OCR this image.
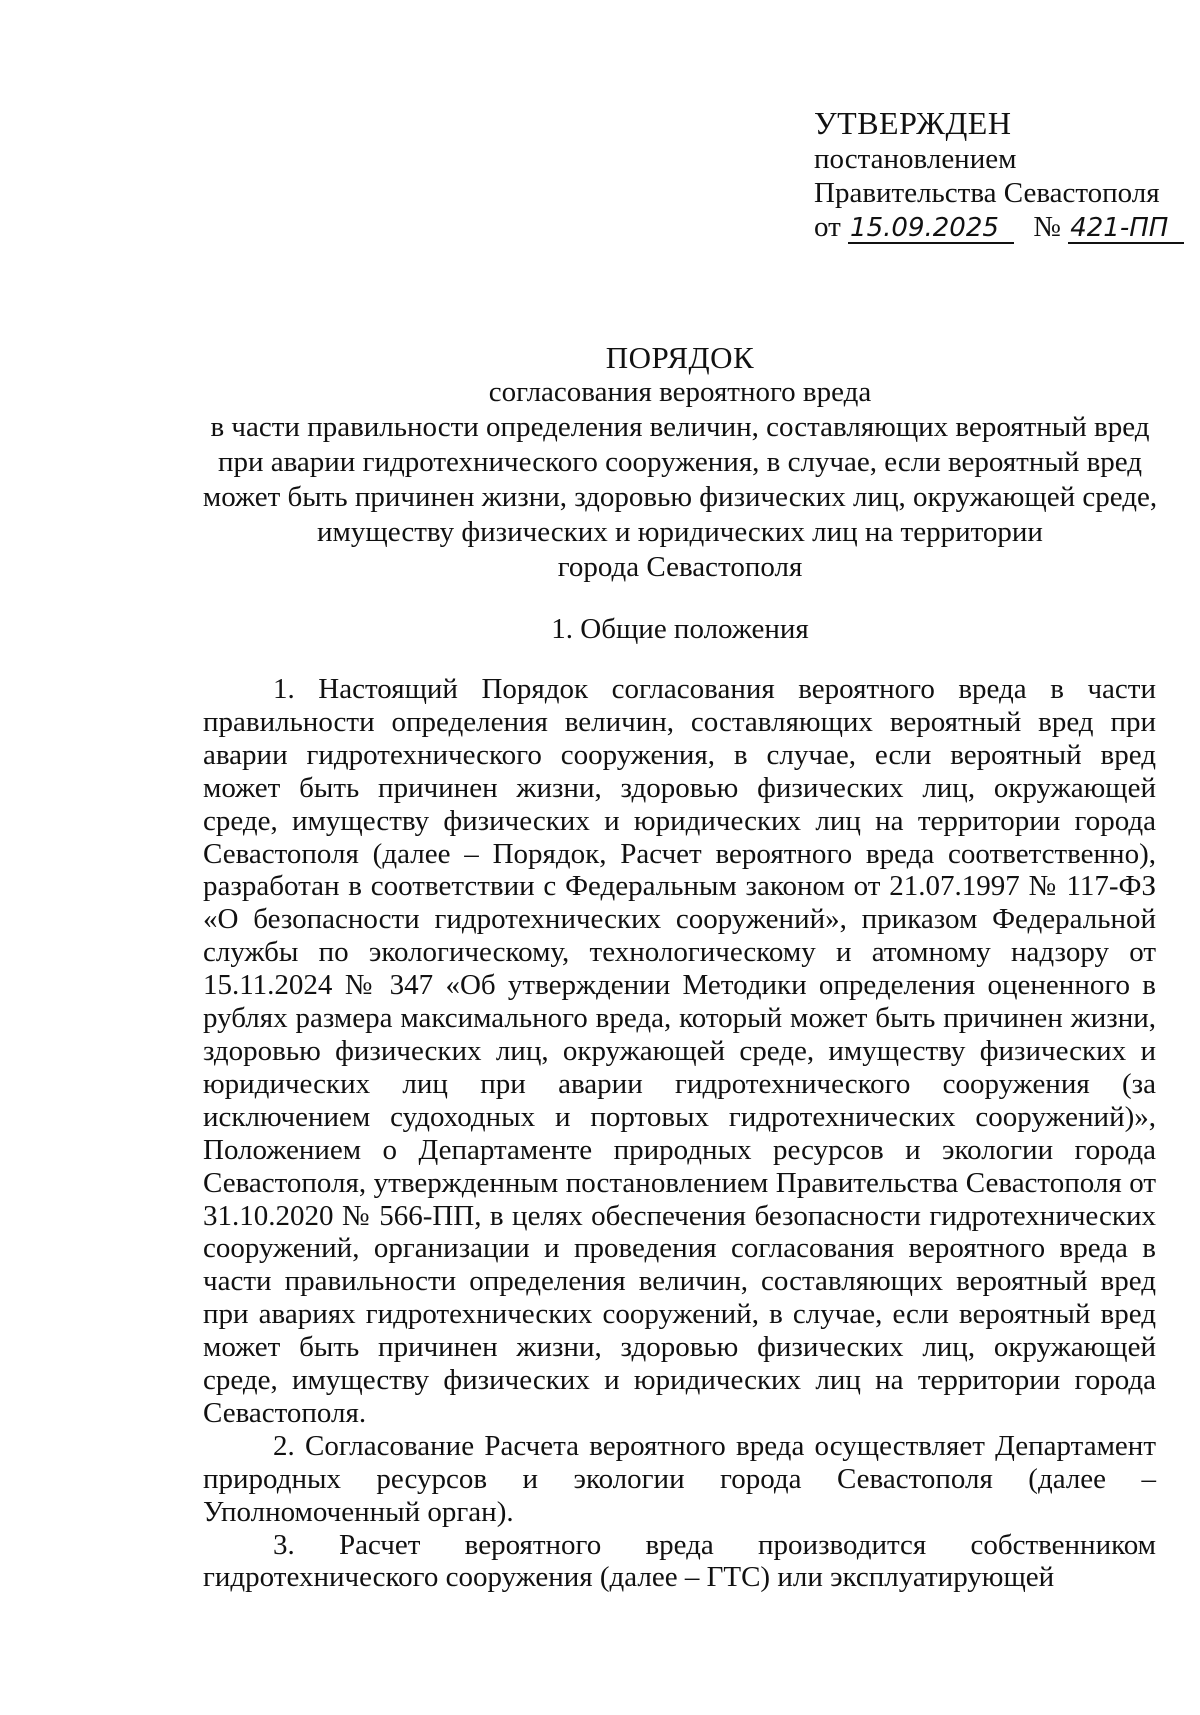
УТВЕРЖДЕН
постановлением
Правительства Севастополя
от 15.09.2025 № 421-ПП
ПОРЯДОК
согласования вероятного вреда
в части правильности определения величин, составляющих вероятный вред
при аварии гидротехнического сооружения, в случае, если вероятный вред
может быть причинен жизни, здоровью физических лиц, окружающей среде,
имуществу физических и юридических лиц на территории
города Севастополя
1. Общие положения

1. Настоящий Порядок согласования вероятного вреда в части правильности определения величин, составляющих вероятный вред при аварии гидротехнического сооружения, в случае, если вероятный вред может быть причинен жизни, здоровью физических лиц, окружающей среде, имуществу физических и юридических лиц на территории города Севастополя (далее – Порядок, Расчет вероятного вреда соответственно), разработан в соответствии с Федеральным законом от 21.07.1997 № 117-ФЗ «О безопасности гидротехнических сооружений», приказом Федеральной службы по экологическому, технологическому и атомному надзору от 15.11.2024 № 347 «Об утверждении Методики определения оцененного в рублях размера максимального вреда, который может быть причинен жизни, здоровью физических лиц, окружающей среде, имуществу физических и юридических лиц при аварии гидротехнического сооружения (за исключением судоходных и портовых гидротехнических сооружений)», Положением о Департаменте природных ресурсов и экологии города Севастополя, утвержденным постановлением Правительства Севастополя от 31.10.2020 № 566-ПП, в целях обеспечения безопасности гидротехнических сооружений, организации и проведения согласования вероятного вреда в части правильности определения величин, составляющих вероятный вред при авариях гидротехнических сооружений, в случае, если вероятный вред может быть причинен жизни, здоровью физических лиц, окружающей среде, имуществу физических и юридических лиц на территории города Севастополя.

2. Согласование Расчета вероятного вреда осуществляет Департамент природных ресурсов и экологии города Севастополя (далее – Уполномоченный орган).

3. Расчет вероятного вреда производится собственником гидротехнического сооружения (далее – ГТС) или эксплуатирующей
